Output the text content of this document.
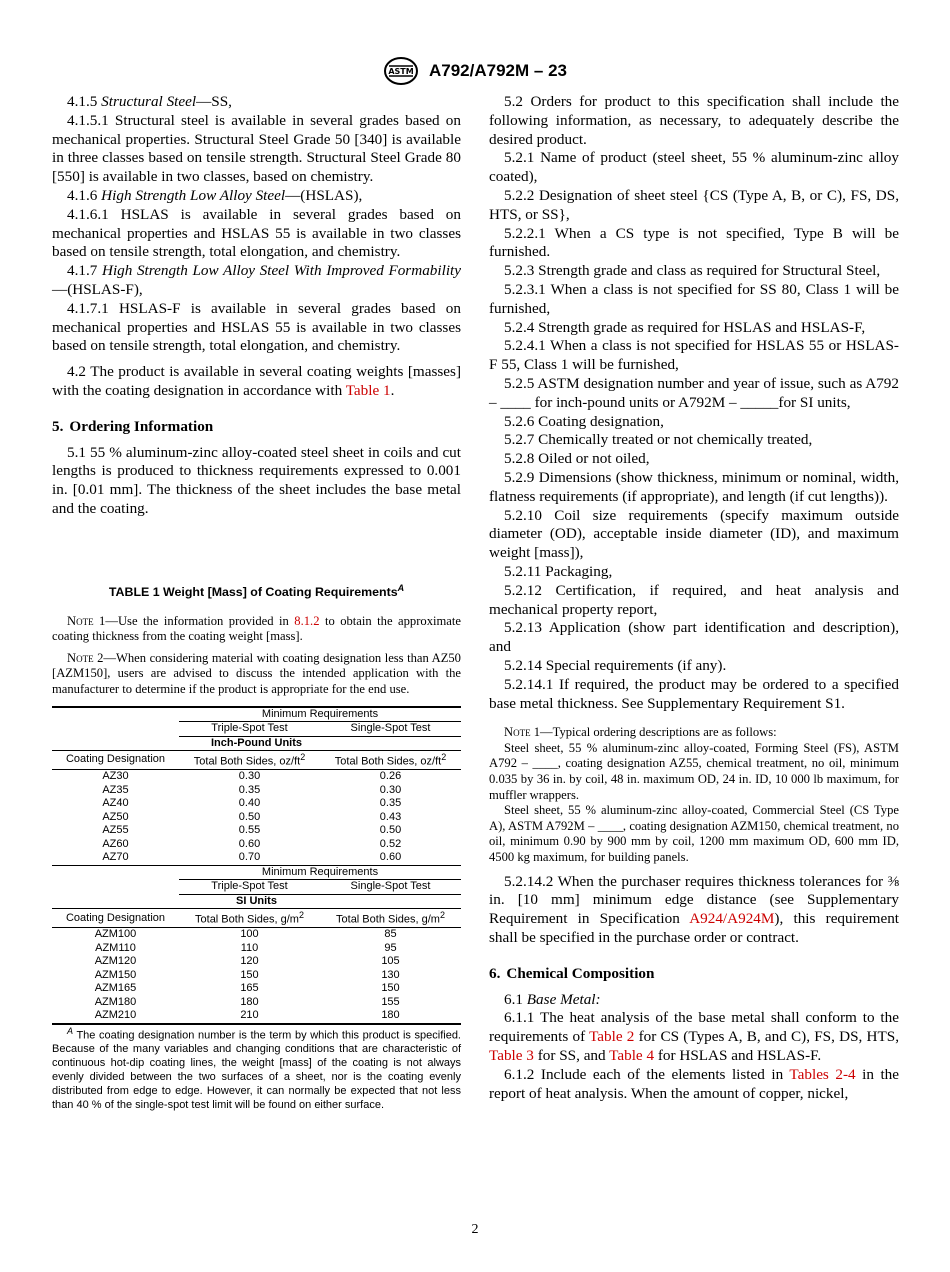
ASTM A792/A792M – 23

4.1.5 Structural Steel—SS,

4.1.5.1 Structural steel is available in several grades based on mechanical properties. Structural Steel Grade 50 [340] is available in three classes based on tensile strength. Structural Steel Grade 80 [550] is available in two classes, based on chemistry.

4.1.6 High Strength Low Alloy Steel—(HSLAS),

4.1.6.1 HSLAS is available in several grades based on mechanical properties and HSLAS 55 is available in two classes based on tensile strength, total elongation, and chemistry.

4.1.7 High Strength Low Alloy Steel With Improved Formability—(HSLAS-F),

4.1.7.1 HSLAS-F is available in several grades based on mechanical properties and HSLAS 55 is available in two classes based on tensile strength, total elongation, and chemistry.

4.2 The product is available in several coating weights [masses] with the coating designation in accordance with Table 1.

5. Ordering Information

5.1 55 % aluminum-zinc alloy-coated steel sheet in coils and cut lengths is produced to thickness requirements expressed to 0.001 in. [0.01 mm]. The thickness of the sheet includes the base metal and the coating.

TABLE 1 Weight [Mass] of Coating Requirements$^A$

Note 1—Use the information provided in 8.1.2 to obtain the approximate coating thickness from the coating weight [mass].

Note 2—When considering material with coating designation less than AZ50 [AZM150], users are advised to discuss the intended application with the manufacturer to determine if the product is appropriate for the end use.

	Minimum Requirements	
	Triple-Spot Test	Single-Spot Test
Inch-Pound Units		
Coating Designation	Total Both Sides, $oz/ft^2$	Total Both Sides, $oz/ft^2$
AZ30	0.30	0.26
AZ35	0.35	0.30
AZ40	0.40	0.35
AZ50	0.50	0.43
AZ55	0.55	0.50
AZ60	0.60	0.52
AZ70	0.70	0.60
	Minimum Requirements	
	Triple-Spot Test	Single-Spot Test
SI Units		
Coating Designation	Total Both Sides, $g/m^2$	Total Both Sides, $g/m^2$
AZM100	100	85
AZM110	110	95
AZM120	120	105
AZM150	150	130
AZM165	165	150
AZM180	180	155
AZM210	210	180

$^A$ The coating designation number is the term by which this product is specified. Because of the many variables and changing conditions that are characteristic of continuous hot-dip coating lines, the weight [mass] of the coating is not always evenly divided between the two surfaces of a sheet, nor is the coating evenly distributed from edge to edge. However, it can normally be expected that not less than 40 % of the single-spot test limit will be found on either surface.

5.2 Orders for product to this specification shall include the following information, as necessary, to adequately describe the desired product.

5.2.1 Name of product (steel sheet, 55 % aluminum-zinc alloy coated),

5.2.2 Designation of sheet steel {CS (Type A, B, or C), FS, DS, HTS, or SS},

5.2.2.1 When a CS type is not specified, Type B will be furnished.

5.2.3 Strength grade and class as required for Structural Steel,

5.2.3.1 When a class is not specified for SS 80, Class 1 will be furnished,

5.2.4 Strength grade as required for HSLAS and HSLAS-F,

5.2.4.1 When a class is not specified for HSLAS 55 or HSLAS-F 55, Class 1 will be furnished,

5.2.5 ASTM designation number and year of issue, such as A792 – ____ for inch-pound units or A792M – _____for SI units,

5.2.6 Coating designation,

5.2.7 Chemically treated or not chemically treated,

5.2.8 Oiled or not oiled,

5.2.9 Dimensions (show thickness, minimum or nominal, width, flatness requirements (if appropriate), and length (if cut lengths)).

5.2.10 Coil size requirements (specify maximum outside diameter (OD), acceptable inside diameter (ID), and maximum weight [mass]),

5.2.11 Packaging,

5.2.12 Certification, if required, and heat analysis and mechanical property report,

5.2.13 Application (show part identification and description), and

5.2.14 Special requirements (if any).

5.2.14.1 If required, the product may be ordered to a specified base metal thickness. See Supplementary Requirement S1.

Note 1—Typical ordering descriptions are as follows:

Steel sheet, 55 % aluminum-zinc alloy-coated, Forming Steel (FS), ASTM A792 – ____, coating designation AZ55, chemical treatment, no oil, minimum 0.035 by 36 in. by coil, 48 in. maximum OD, 24 in. ID, 10 000 lb maximum, for muffler wrappers.

Steel sheet, 55 % aluminum-zinc alloy-coated, Commercial Steel (CS Type A), ASTM A792M – ____, coating designation AZM150, chemical treatment, no oil, minimum 0.90 by 900 mm by coil, 1200 mm maximum OD, 600 mm ID, 4500 kg maximum, for building panels.

5.2.14.2 When the purchaser requires thickness tolerances for ⅜ in. [10 mm] minimum edge distance (see Supplementary Requirement in Specification A924/A924M), this requirement shall be specified in the purchase order or contract.

6. Chemical Composition

6.1 Base Metal:

6.1.1 The heat analysis of the base metal shall conform to the requirements of Table 2 for CS (Types A, B, and C), FS, DS, HTS, Table 3 for SS, and Table 4 for HSLAS and HSLAS-F.

6.1.2 Include each of the elements listed in Tables 2-4 in the report of heat analysis. When the amount of copper, nickel,

2
